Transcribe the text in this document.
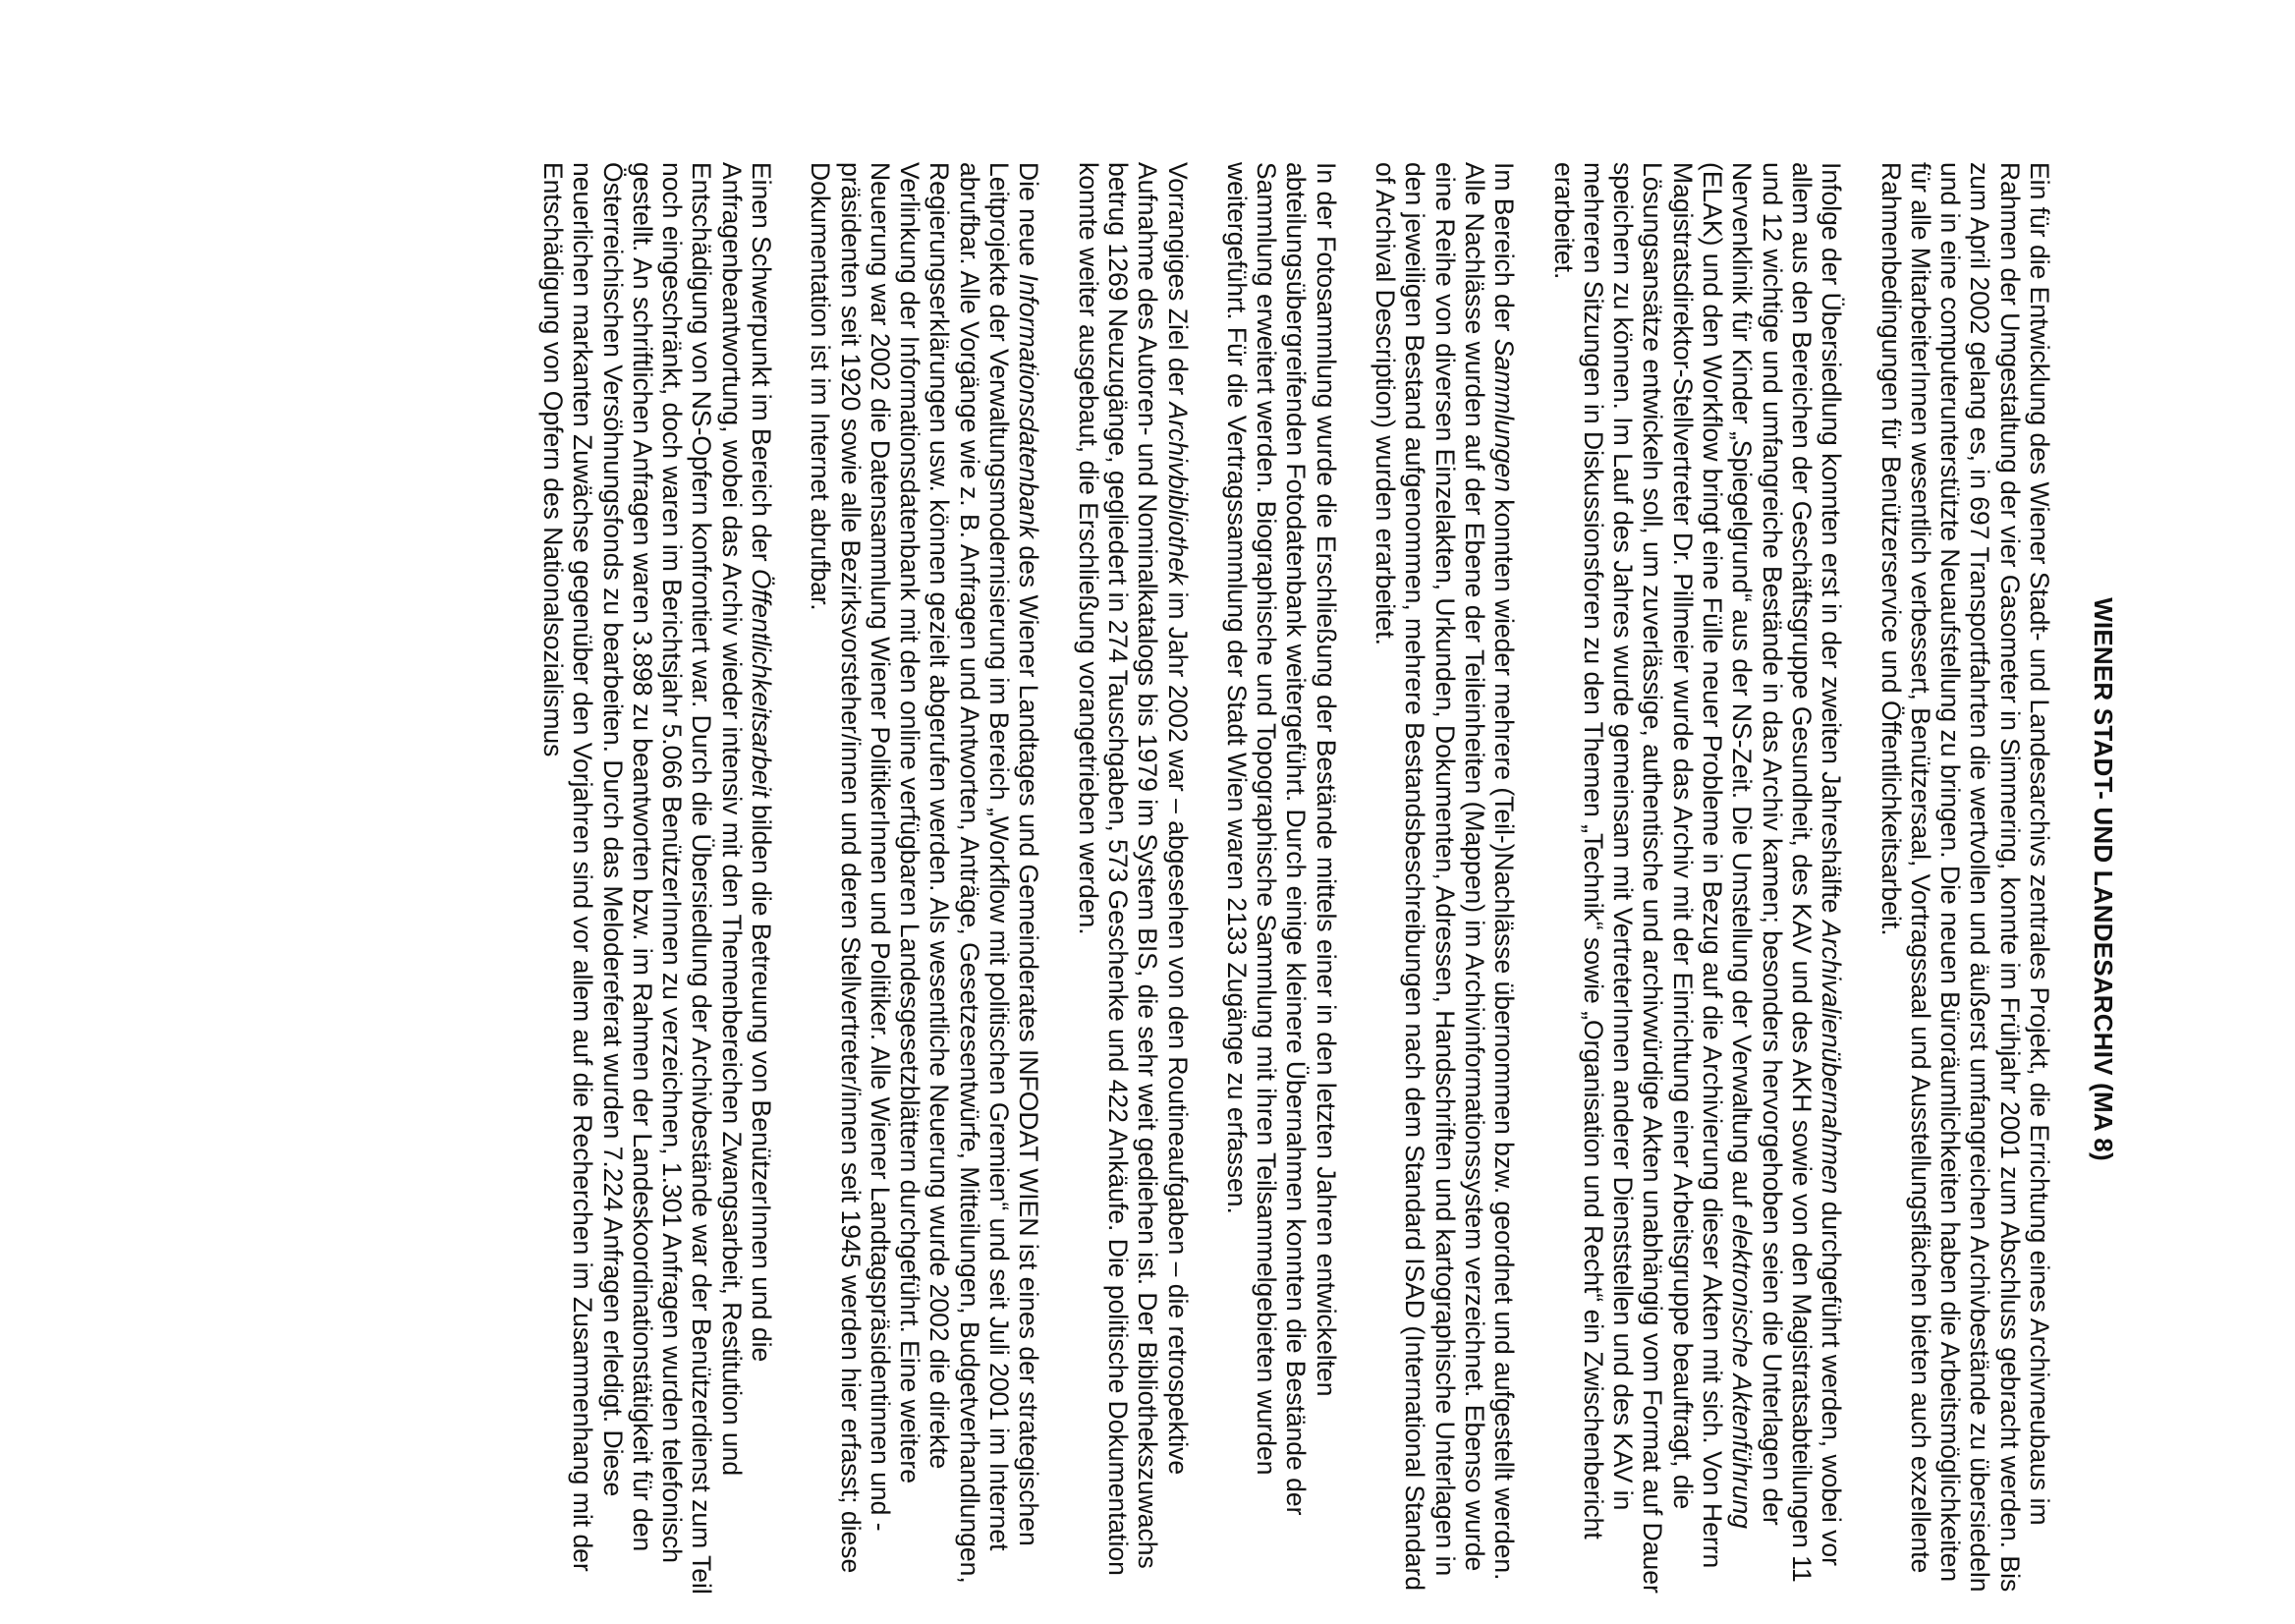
WIENER STADT- UND LANDESARCHIV (MA 8)
Ein für die Entwicklung des Wiener Stadt- und Landesarchivs zentrales Projekt, die Errichtung eines Archivneubaus im Rahmen der Umgestaltung der vier Gasometer in Simmering, konnte im Frühjahr 2001 zum Abschluss gebracht werden. Bis zum April 2002 gelang es, in 697 Transportfahrten die wertvollen und äußerst umfangreichen Archivbestände zu übersiedeln und in eine computerunterstützte Neuaufstellung zu bringen. Die neuen Büroräumlichkeiten haben die Arbeitsmöglichkeiten für alle MitarbeiterInnen wesentlich verbessert, Benützersaal, Vortragssaal und Ausstellungsflächen bieten auch exzellente Rahmenbedingungen für Benützerservice und Öffentlichkeitsarbeit.
Infolge der Übersiedlung konnten erst in der zweiten Jahreshälfte Archivalienübernahmen durchgeführt werden, wobei vor allem aus den Bereichen der Geschäftsgruppe Gesundheit, des KAV und des AKH sowie von den Magistratsabteilungen 11 und 12 wichtige und umfangreiche Bestände in das Archiv kamen; besonders hervorgehoben seien die Unterlagen der Nervenklinik für Kinder „Spiegelgrund“ aus der NS-Zeit. Die Umstellung der Verwaltung auf elektronische Aktenführung (ELAK) und den Workflow bringt eine Fülle neuer Probleme in Bezug auf die Archivierung dieser Akten mit sich. Von Herrn Magistratsdirektor-Stellvertreter Dr. Pillmeier wurde das Archiv mit der Einrichtung einer Arbeitsgruppe beauftragt, die Lösungsansätze entwickeln soll, um zuverlässige, authentische und archivwürdige Akten unabhängig vom Format auf Dauer speichern zu können. Im Lauf des Jahres wurde gemeinsam mit VertreterInnen anderer Dienststellen und des KAV in mehreren Sitzungen in Diskussionsforen zu den Themen „Technik“ sowie „Organisation und Recht“ ein Zwischenbericht erarbeitet.
Im Bereich der Sammlungen konnten wieder mehrere (Teil-)Nachlässe übernommen bzw. geordnet und aufgestellt werden. Alle Nachlässe wurden auf der Ebene der Teileinheiten (Mappen) im Archivinformationssystem verzeichnet. Ebenso wurde eine Reihe von diversen Einzelakten, Urkunden, Dokumenten, Adressen, Handschriften und kartographische Unterlagen in den jeweiligen Bestand aufgenommen, mehrere Bestandsbeschreibungen nach dem Standard ISAD (International Standard of Archival Description) wurden erarbeitet.
In der Fotosammlung wurde die Erschließung der Bestände mittels einer in den letzten Jahren entwickelten abteilungsübergreifenden Fotodatenbank weitergeführt. Durch einige kleinere Übernahmen konnten die Bestände der Sammlung erweitert werden. Biographische und Topographische Sammlung mit ihren Teilsammelgebieten wurden weitergeführt. Für die Vertragssammlung der Stadt Wien waren 2133 Zugänge zu erfassen.
Vorrangiges Ziel der Archivbibliothek im Jahr 2002 war – abgesehen von den Routineaufgaben – die retrospektive Aufnahme des Autoren- und Nominalkatalogs bis 1979 im System BIS, die sehr weit gediehen ist. Der Bibliothekszuwachs betrug 1269 Neuzugänge, gegliedert in 274 Tauschgaben, 573 Geschenke und 422 Ankäufe. Die politische Dokumentation konnte weiter ausgebaut, die Erschließung vorangetrieben werden.
Die neue Informationsdatenbank des Wiener Landtages und Gemeinderates INFODAT WIEN ist eines der strategischen Leitprojekte der Verwaltungsmodernisierung im Bereich „Workflow mit politischen Gremien“ und seit Juli 2001 im Internet abrufbar. Alle Vorgänge wie z. B. Anfragen und Antworten, Anträge, Gesetzesentwürfe, Mitteilungen, Budgetverhandlungen, Regierungserklärungen usw. können gezielt abgerufen werden. Als wesentliche Neuerung wurde 2002 die direkte Verlinkung der Informationsdatenbank mit den online verfügbaren Landesgesetzblättern durchgeführt. Eine weitere Neuerung war 2002 die Datensammlung Wiener PolitikerInnen und Politiker. Alle Wiener Landtagspräsidentinnen und -präsidenten seit 1920 sowie alle Bezirksvorsteher/innen und deren Stellvertreter/innen seit 1945 werden hier erfasst; diese Dokumentation ist im Internet abrufbar.
Einen Schwerpunkt im Bereich der Öffentlichkeitsarbeit bilden die Betreuung von BenützerInnen und die Anfragenbeantwortung, wobei das Archiv wieder intensiv mit den Themenbereichen Zwangsarbeit, Restitution und Entschädigung von NS-Opfern konfrontiert war. Durch die Übersiedlung der Archivbestände war der Benützerdienst zum Teil noch eingeschränkt, doch waren im Berichtsjahr 5.066 BenützerInnen zu verzeichnen, 1.301 Anfragen wurden telefonisch gestellt. An schriftlichen Anfragen waren 3.898 zu beantworten bzw. im Rahmen der Landeskoordinationstätigkeit für den Österreichischen Versöhnungsfonds zu bearbeiten. Durch das Melodereferat wurden 7.224 Anfragen erledigt. Diese neuerlichen markanten Zuwächse gegenüber den Vorjahren sind vor allem auf die Recherchen im Zusammenhang mit der Entschädigung von Opfern des Nationalsozialismus
